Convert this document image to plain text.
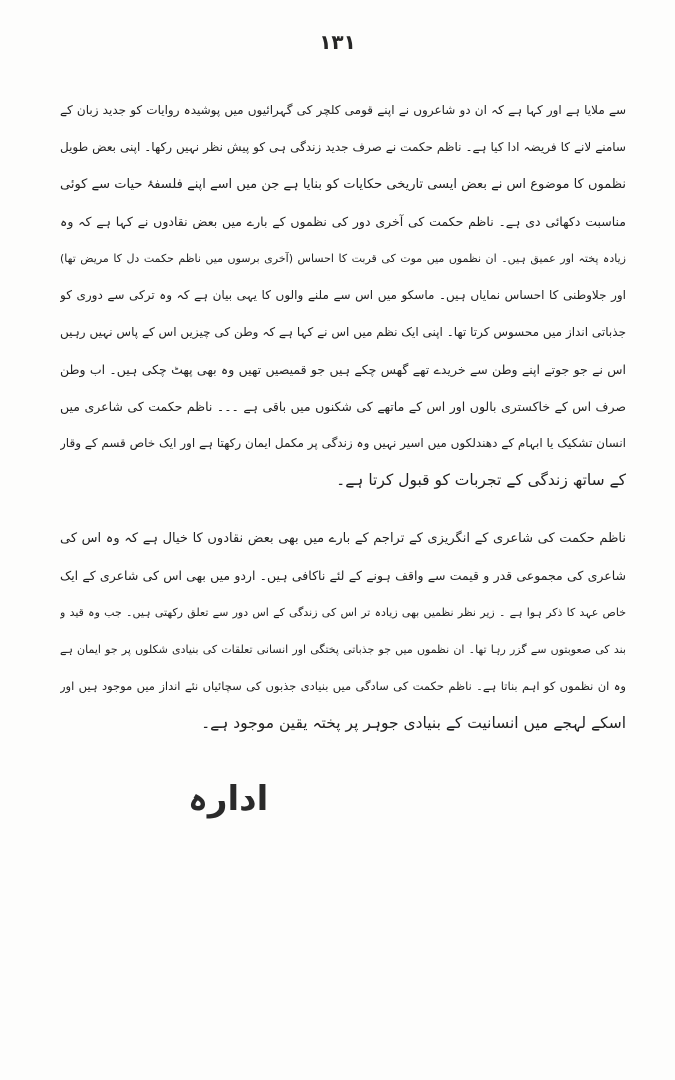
۱۳۱
سے ملایا ہے اور کہا ہے کہ ان دو شاعروں نے اپنے قومی کلچر کی گہرائیوں میں پوشیدہ روایات کو جدید زبان کے
سامنے لانے کا فریضہ ادا کیا ہے۔ ناظم حکمت نے صرف جدید زندگی ہی کو پیش نظر نہیں رکھا۔ اپنی بعض طویل
نظموں کا موضوع اس نے بعض ایسی تاریخی حکایات کو بنایا ہے جن میں اسے اپنے فلسفۂ حیات سے کوئی
مناسبت دکھائی دی ہے۔ ناظم حکمت کی آخری دور کی نظموں کے بارے میں بعض نقادوں نے کہا ہے کہ وہ
زیادہ پختہ اور عمیق ہیں۔ ان نظموں میں موت کی قربت کا احساس (آخری برسوں میں ناظم حکمت دل کا مریض تھا)
اور جلاوطنی کا احساس نمایاں ہیں۔ ماسکو میں اس سے ملنے والوں کا یہی بیان ہے کہ وہ ترکی سے دوری کو
جذباتی انداز میں محسوس کرتا تھا۔ اپنی ایک نظم میں اس نے کہا ہے کہ وطن کی چیزیں اس کے پاس نہیں رہیں
اس نے جو جوتے اپنے وطن سے خریدے تھے گھس چکے ہیں جو قمیصیں تھیں وہ بھی پھٹ چکی ہیں۔ اب وطن
صرف اس کے خاکستری بالوں اور اس کے ماتھے کی شکنوں میں باقی ہے ۔۔۔ ناظم حکمت کی شاعری میں
انسان تشکیک یا ابہام کے دھندلکوں میں اسیر نہیں وہ زندگی پر مکمل ایمان رکھتا ہے اور ایک خاص قسم کے وقار
کے ساتھ زندگی کے تجربات کو قبول کرتا ہے۔
ناظم حکمت کی شاعری کے انگریزی کے تراجم کے بارے میں بھی بعض نقادوں کا خیال ہے کہ وہ اس کی
شاعری کی مجموعی قدر و قیمت سے واقف ہونے کے لئے ناکافی ہیں۔ اردو میں بھی اس کی شاعری کے ایک
خاص عہد کا ذکر ہوا ہے ۔ زیر نظر نظمیں بھی زیادہ تر اس کی زندگی کے اس دور سے تعلق رکھتی ہیں۔ جب وہ قید و
بند کی صعوبتوں سے گزر رہا تھا۔ ان نظموں میں جو جذباتی پختگی اور انسانی تعلقات کی بنیادی شکلوں پر جو ایمان ہے
وہ ان نظموں کو اہم بناتا ہے۔ ناظم حکمت کی سادگی میں بنیادی جذبوں کی سچائیاں نئے انداز میں موجود ہیں اور
اسکے لہجے میں انسانیت کے بنیادی جوہر پر پختہ یقین موجود ہے۔
ادارہ
